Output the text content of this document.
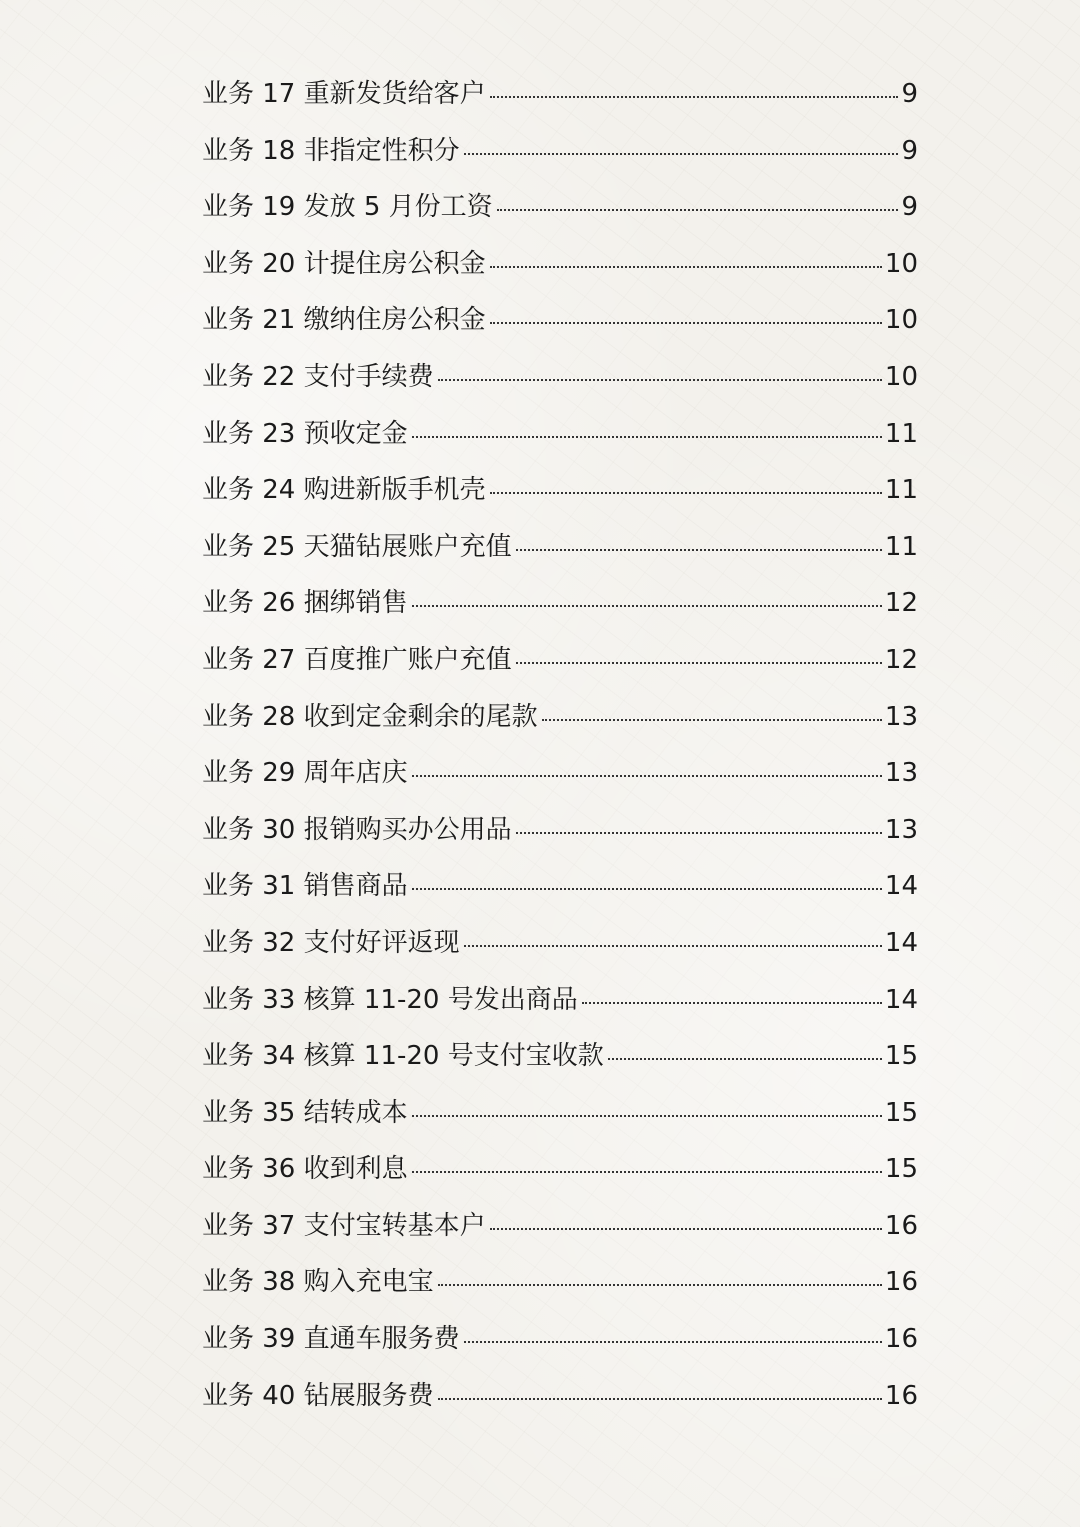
业务 17 重新发货给客户	9
业务 18 非指定性积分	9
业务 19 发放 5 月份工资	9
业务 20 计提住房公积金	10
业务 21 缴纳住房公积金	10
业务 22 支付手续费	10
业务 23 预收定金	11
业务 24 购进新版手机壳	11
业务 25 天猫钻展账户充值	11
业务 26 捆绑销售	12
业务 27 百度推广账户充值	12
业务 28 收到定金剩余的尾款	13
业务 29 周年店庆	13
业务 30 报销购买办公用品	13
业务 31 销售商品	14
业务 32 支付好评返现	14
业务 33 核算 11-20 号发出商品	14
业务 34 核算 11-20 号支付宝收款	15
业务 35 结转成本	15
业务 36 收到利息	15
业务 37 支付宝转基本户	16
业务 38 购入充电宝	16
业务 39 直通车服务费	16
业务 40 钻展服务费	16
